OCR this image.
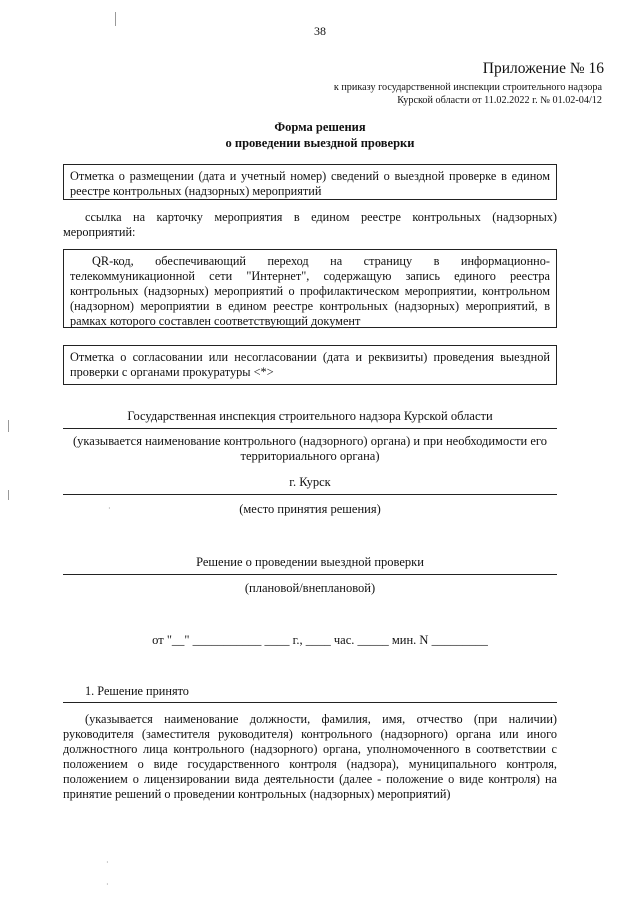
38
Приложение № 16
к приказу государственной инспекции строительного надзора
Курской области от 11.02.2022 г. № 01.02-04/12
Форма решения
о проведении выездной проверки
Отметка о размещении (дата и учетный номер) сведений о выездной проверке в едином реестре контрольных (надзорных) мероприятий
ссылка на карточку мероприятия в едином реестре контрольных (надзорных) мероприятий:
QR-код, обеспечивающий переход на страницу в информационно-телекоммуникационной сети "Интернет", содержащую запись единого реестра контрольных (надзорных) мероприятий о профилактическом мероприятии, контрольном (надзорном) мероприятии в едином реестре контрольных (надзорных) мероприятий, в рамках которого составлен соответствующий документ
Отметка о согласовании или несогласовании (дата и реквизиты) проведения выездной проверки с органами прокуратуры <*>
Государственная инспекция строительного надзора Курской области
(указывается наименование контрольного (надзорного) органа) и при необходимости его территориального органа)
г. Курск
(место принятия решения)
·
Решение о проведении выездной проверки
(плановой/внеплановой)
от "__" ___________ ____ г., ____ час. _____ мин. N _________
1. Решение принято
(указывается наименование должности, фамилия, имя, отчество (при наличии) руководителя (заместителя руководителя) контрольного (надзорного) органа или иного должностного лица контрольного (надзорного) органа, уполномоченного в соответствии с положением о виде государственного контроля (надзора), муниципального контроля, положением о лицензировании вида деятельности (далее - положение о виде контроля) на принятие решений о проведении контрольных (надзорных) мероприятий)
·
·
